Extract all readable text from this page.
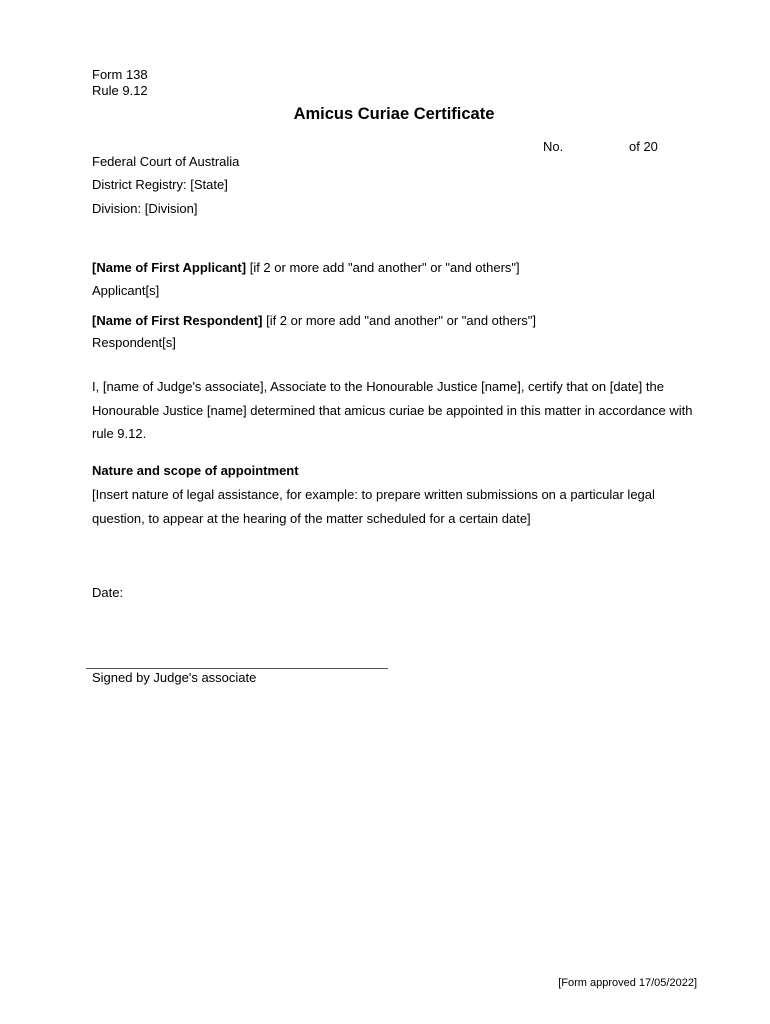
Form 138
Rule 9.12
Amicus Curiae Certificate
No.	of 20
Federal Court of Australia
District Registry: [State]
Division: [Division]
[Name of First Applicant] [if 2 or more add "and another" or "and others"]
Applicant[s]
[Name of First Respondent] [if 2 or more add "and another" or "and others"]
Respondent[s]
I, [name of Judge's associate], Associate to the Honourable Justice [name], certify that on [date] the Honourable Justice [name] determined that amicus curiae be appointed in this matter in accordance with rule 9.12.
Nature and scope of appointment
[Insert nature of legal assistance, for example: to prepare written submissions on a particular legal question, to appear at the hearing of the matter scheduled for a certain date]
Date:
Signed by Judge's associate
[Form approved 17/05/2022]
